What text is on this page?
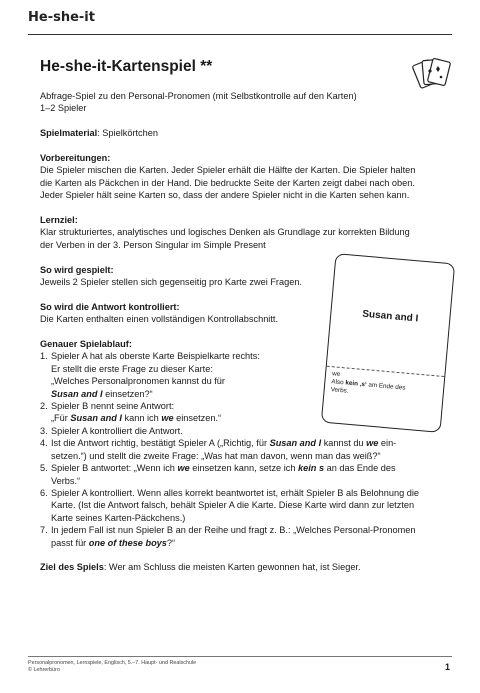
He-she-it
He-she-it-Kartenspiel **

Abfrage-Spiel zu den Personal-Pronomen (mit Selbstkontrolle auf den Karten)

1–2 Spieler

Spielmaterial: Spielkörtchen

Vorbereitungen:

Die Spieler mischen die Karten. Jeder Spieler erhält die Hälfte der Karten. Die Spieler halten

die Karten als Päckchen in der Hand. Die bedruckte Seite der Karten zeigt dabei nach oben.

Jeder Spieler hält seine Karten so, dass der andere Spieler nicht in die Karten sehen kann.

Lernziel:

Klar strukturiertes, analytisches und logisches Denken als Grundlage zur korrekten Bildung

der Verben in der 3. Person Singular im Simple Present

So wird gespielt:

Jeweils 2 Spieler stellen sich gegenseitig pro Karte zwei Fragen.

So wird die Antwort kontrolliert:

Die Karten enthalten einen vollständigen Kontrollabschnitt.

Genauer Spielablauf:

1. Spieler A hat als oberste Karte Beispielkarte rechts:
Er stellt die erste Frage zu dieser Karte:
„Welches Personalpronomen kannst du für
Susan and I einsetzen?“
2. Spieler B nennt seine Antwort:
„Für Susan and I kann ich we einsetzen.“
3. Spieler A kontrolliert die Antwort.
4. Ist die Antwort richtig, bestätigt Spieler A („Richtig, für Susan and I kannst du we ein-
setzen.“) und stellt die zweite Frage: „Was hat man davon, wenn man das weiß?“
5. Spieler B antwortet: „Wenn ich we einsetzen kann, setze ich kein s an das Ende des
Verbs.“
6. Spieler A kontrolliert. Wenn alles korrekt beantwortet ist, erhält Spieler B als Belohnung die
Karte. (Ist die Antwort falsch, behält Spieler A die Karte. Diese Karte wird dann zur letzten
Karte seines Karten-Päckchens.)
7. In jedem Fall ist nun Spieler B an der Reihe und fragt z. B.: „Welches Personal-Pronomen
passt für one of these boys?“

Ziel des Spiels: Wer am Schluss die meisten Karten gewonnen hat, ist Sieger.

Susan and I
we
Also kein ‚s‘ am Ende des
Verbs.
Personalpronomen, Lernspiele, Englisch, 5.–7. Haupt- und Realschule
© Lehrerbüro	1
